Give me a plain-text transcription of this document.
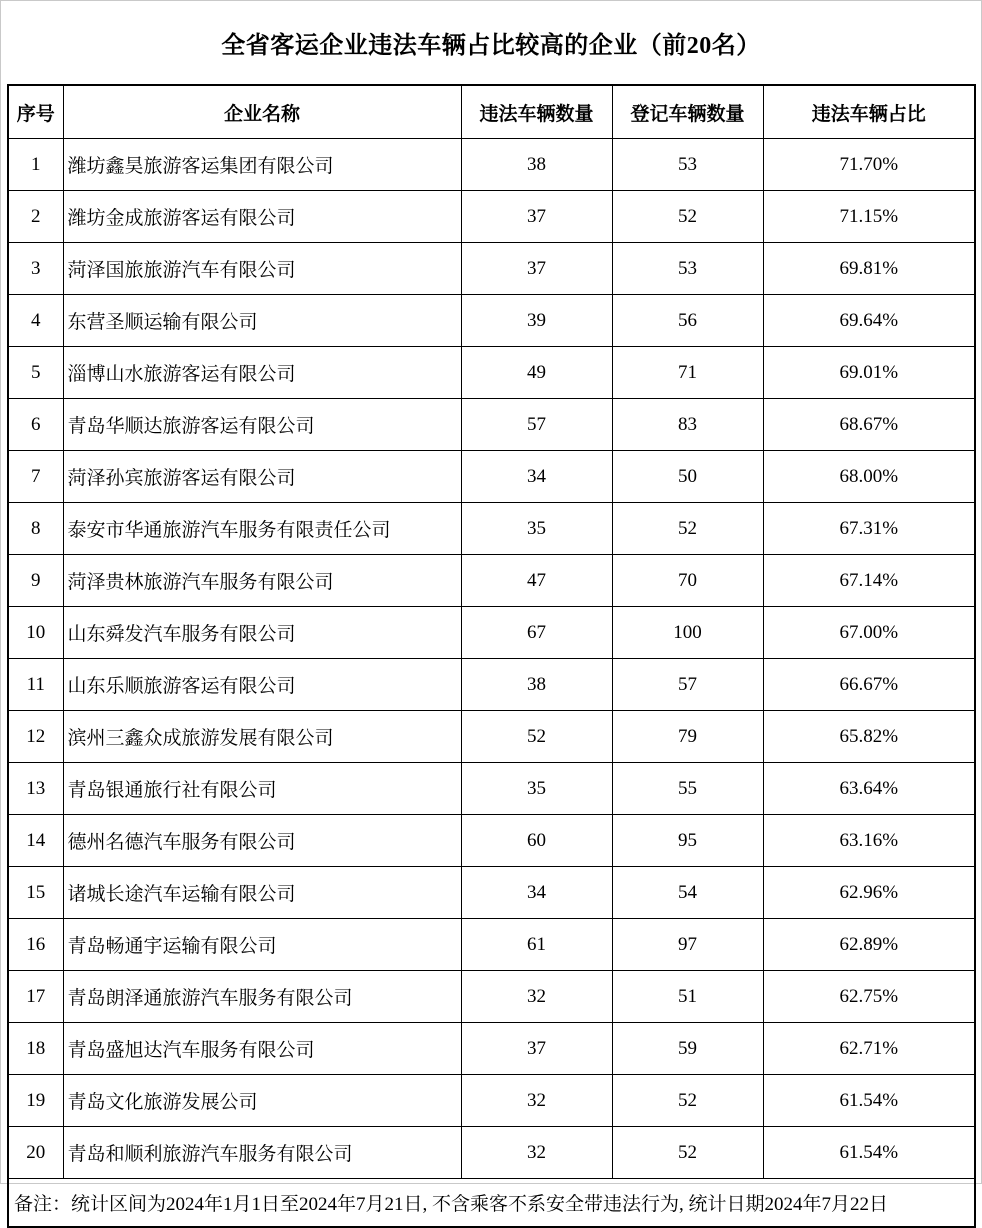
全省客运企业违法车辆占比较高的企业（前20名）
序号	企业名称	违法车辆数量	登记车辆数量	违法车辆占比
1	潍坊鑫昊旅游客运集团有限公司	38	53	71.70%
2	潍坊金成旅游客运有限公司	37	52	71.15%
3	菏泽国旅旅游汽车有限公司	37	53	69.81%
4	东营圣顺运输有限公司	39	56	69.64%
5	淄博山水旅游客运有限公司	49	71	69.01%
6	青岛华顺达旅游客运有限公司	57	83	68.67%
7	菏泽孙宾旅游客运有限公司	34	50	68.00%
8	泰安市华通旅游汽车服务有限责任公司	35	52	67.31%
9	菏泽贵林旅游汽车服务有限公司	47	70	67.14%
10	山东舜发汽车服务有限公司	67	100	67.00%
11	山东乐顺旅游客运有限公司	38	57	66.67%
12	滨州三鑫众成旅游发展有限公司	52	79	65.82%
13	青岛银通旅行社有限公司	35	55	63.64%
14	德州名德汽车服务有限公司	60	95	63.16%
15	诸城长途汽车运输有限公司	34	54	62.96%
16	青岛畅通宇运输有限公司	61	97	62.89%
17	青岛朗泽通旅游汽车服务有限公司	32	51	62.75%
18	青岛盛旭达汽车服务有限公司	37	59	62.71%
19	青岛文化旅游发展公司	32	52	61.54%
20	青岛和顺利旅游汽车服务有限公司	32	52	61.54%
备注：统计区间为2024年1月1日至2024年7月21日, 不含乘客不系安全带违法行为, 统计日期2024年7月22日				
